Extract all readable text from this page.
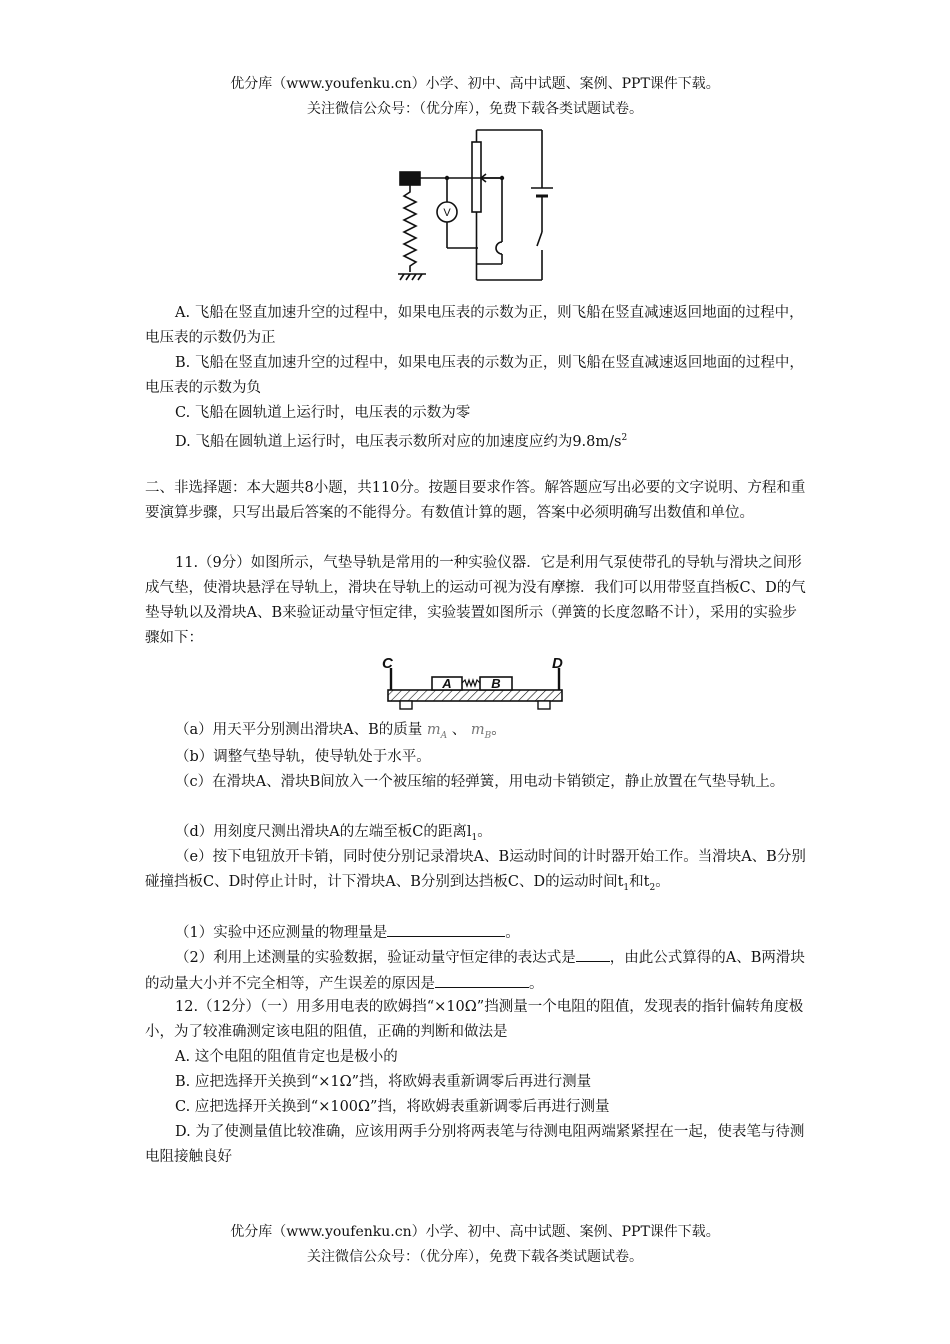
优分库（www.youfenku.cn）小学、初中、高中试题、案例、PPT课件下载。
关注微信公众号：（优分库），免费下载各类试题试卷。
V
A. 飞船在竖直加速升空的过程中，如果电压表的示数为正，则飞船在竖直减速返回地面的过程中，电压表的示数仍为正
B. 飞船在竖直加速升空的过程中，如果电压表的示数为正，则飞船在竖直减速返回地面的过程中，电压表的示数为负
C. 飞船在圆轨道上运行时，电压表的示数为零
D. 飞船在圆轨道上运行时，电压表示数所对应的加速度应约为$9.8m/s^2$
二、非选择题：本大题共8小题，共110分。按题目要求作答。解答题应写出必要的文字说明、方程和重要演算步骤，只写出最后答案的不能得分。有数值计算的题，答案中必须明确写出数值和单位。
11.（9分）如图所示，气垫导轨是常用的一种实验仪器．它是利用气泵使带孔的导轨与滑块之间形成气垫，使滑块悬浮在导轨上，滑块在导轨上的运动可视为没有摩擦．我们可以用带竖直挡板C、D的气垫导轨以及滑块A、B来验证动量守恒定律，实验装置如图所示（弹簧的长度忽略不计），采用的实验步骤如下：
C	D
A	B
（a）用天平分别测出滑块A、B的质量 $m_A$ 、 $m_B$。
（b）调整气垫导轨，使导轨处于水平。
（c）在滑块A、滑块B间放入一个被压缩的轻弹簧，用电动卡销锁定，静止放置在气垫导轨上。
（d）用刻度尺测出滑块A的左端至板C的距离$l_1$。
（e）按下电钮放开卡销，同时使分别记录滑块A、B运动时间的计时器开始工作。当滑块A、B分别碰撞挡板C、D时停止计时，计下滑块A、B分别到达挡板C、D的运动时间$t_1$和$t_2$。
（1）实验中还应测量的物理量是	。
（2）利用上述测量的实验数据，验证动量守恒定律的表达式是 ，由此公式算得的A、B两滑块的动量大小并不完全相等，产生误差的原因是	。
12.（12分）（一）用多用电表的欧姆挡“×10Ω”挡测量一个电阻的阻值，发现表的指针偏转角度极小，为了较准确测定该电阻的阻值，正确的判断和做法是
A. 这个电阻的阻值肯定也是极小的
B. 应把选择开关换到“×1Ω”挡，将欧姆表重新调零后再进行测量
C. 应把选择开关换到“×100Ω”挡，将欧姆表重新调零后再进行测量
D. 为了使测量值比较准确，应该用两手分别将两表笔与待测电阻两端紧紧捏在一起，使表笔与待测电阻接触良好
优分库（www.youfenku.cn）小学、初中、高中试题、案例、PPT课件下载。
关注微信公众号：（优分库），免费下载各类试题试卷。
